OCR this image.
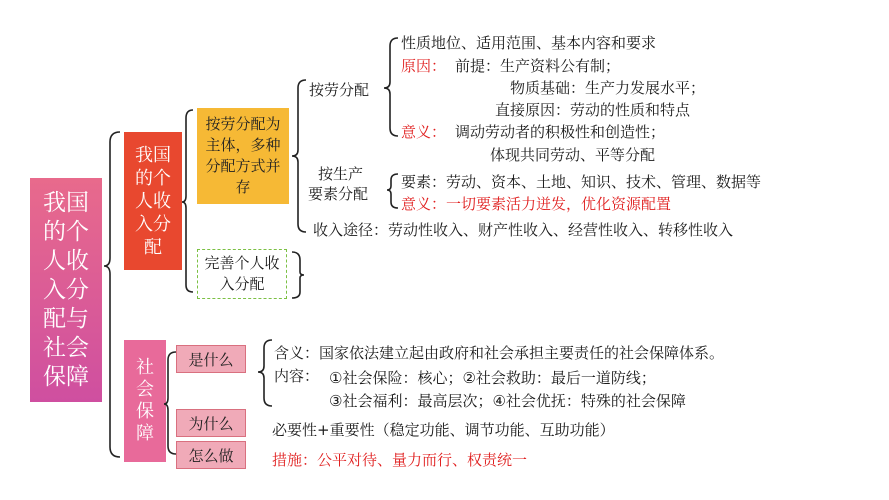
我国的个人收入分配与社会保障
我国的个人收入分配
社会保障
按劳分配为主体，多种分配方式并存
完善个人收入分配
是什么
为什么
怎么做
按劳分配
性质地位、适用范围、基本内容和要求
原因： 前提：生产资料公有制；
物质基础：生产力发展水平；
直接原因：劳动的性质和特点
意义： 调动劳动者的积极性和创造性；
体现共同劳动、平等分配
按生产
要素分配
要素：劳动、资本、土地、知识、技术、管理、数据等
意义：一切要素活力迸发，优化资源配置
收入途径：劳动性收入、财产性收入、经营性收入、转移性收入
含义：国家依法建立起由政府和社会承担主要责任的社会保障体系。
内容： ①社会保险：核心；②社会救助：最后一道防线；
③社会福利：最高层次；④社会优抚：特殊的社会保障
必要性+重要性（稳定功能、调节功能、互助功能）
措施：公平对待、量力而行、权责统一
